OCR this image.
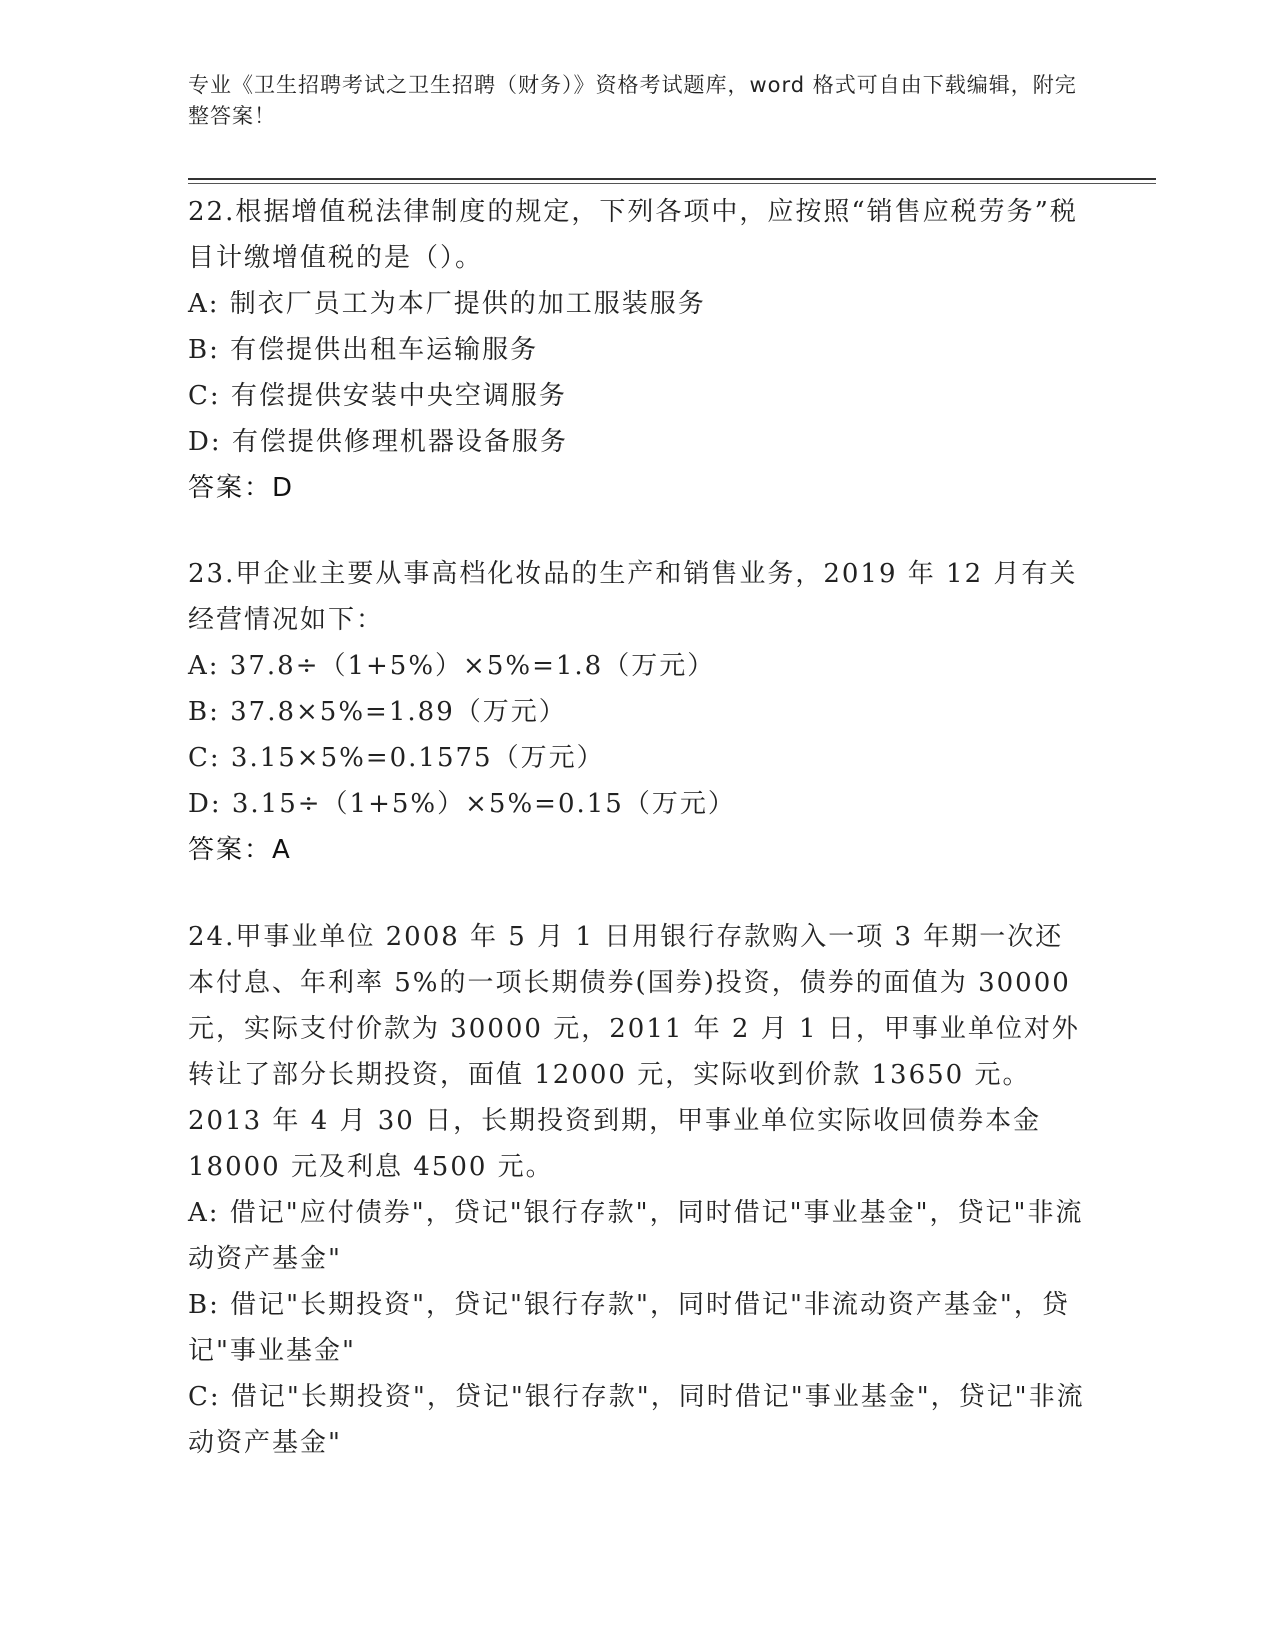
专业《卫生招聘考试之卫生招聘（财务）》资格考试题库，word 格式可自由下载编辑，附完整答案！
22.根据增值税法律制度的规定，下列各项中，应按照“销售应税劳务”税目计缴增值税的是（）。
A: 制衣厂员工为本厂提供的加工服装服务
B: 有偿提供出租车运输服务
C: 有偿提供安装中央空调服务
D: 有偿提供修理机器设备服务
答案：D
23.甲企业主要从事高档化妆品的生产和销售业务，2019 年 12 月有关经营情况如下：
A: 37.8÷（1+5%）×5%=1.8（万元）
B: 37.8×5%=1.89（万元）
C: 3.15×5%=0.1575（万元）
D: 3.15÷（1+5%）×5%=0.15（万元）
答案：A
24.甲事业单位 2008 年 5 月 1 日用银行存款购入一项 3 年期一次还本付息、年利率 5%的一项长期债券(国券)投资，债券的面值为 30000 元，实际支付价款为 30000 元，2011 年 2 月 1 日，甲事业单位对外转让了部分长期投资，面值 12000 元，实际收到价款 13650 元。2013 年 4 月 30 日，长期投资到期，甲事业单位实际收回债券本金 18000 元及利息 4500 元。
A: 借记"应付债券"，贷记"银行存款"，同时借记"事业基金"，贷记"非流动资产基金"
B: 借记"长期投资"，贷记"银行存款"，同时借记"非流动资产基金"，贷记"事业基金"
C: 借记"长期投资"，贷记"银行存款"，同时借记"事业基金"，贷记"非流动资产基金"
